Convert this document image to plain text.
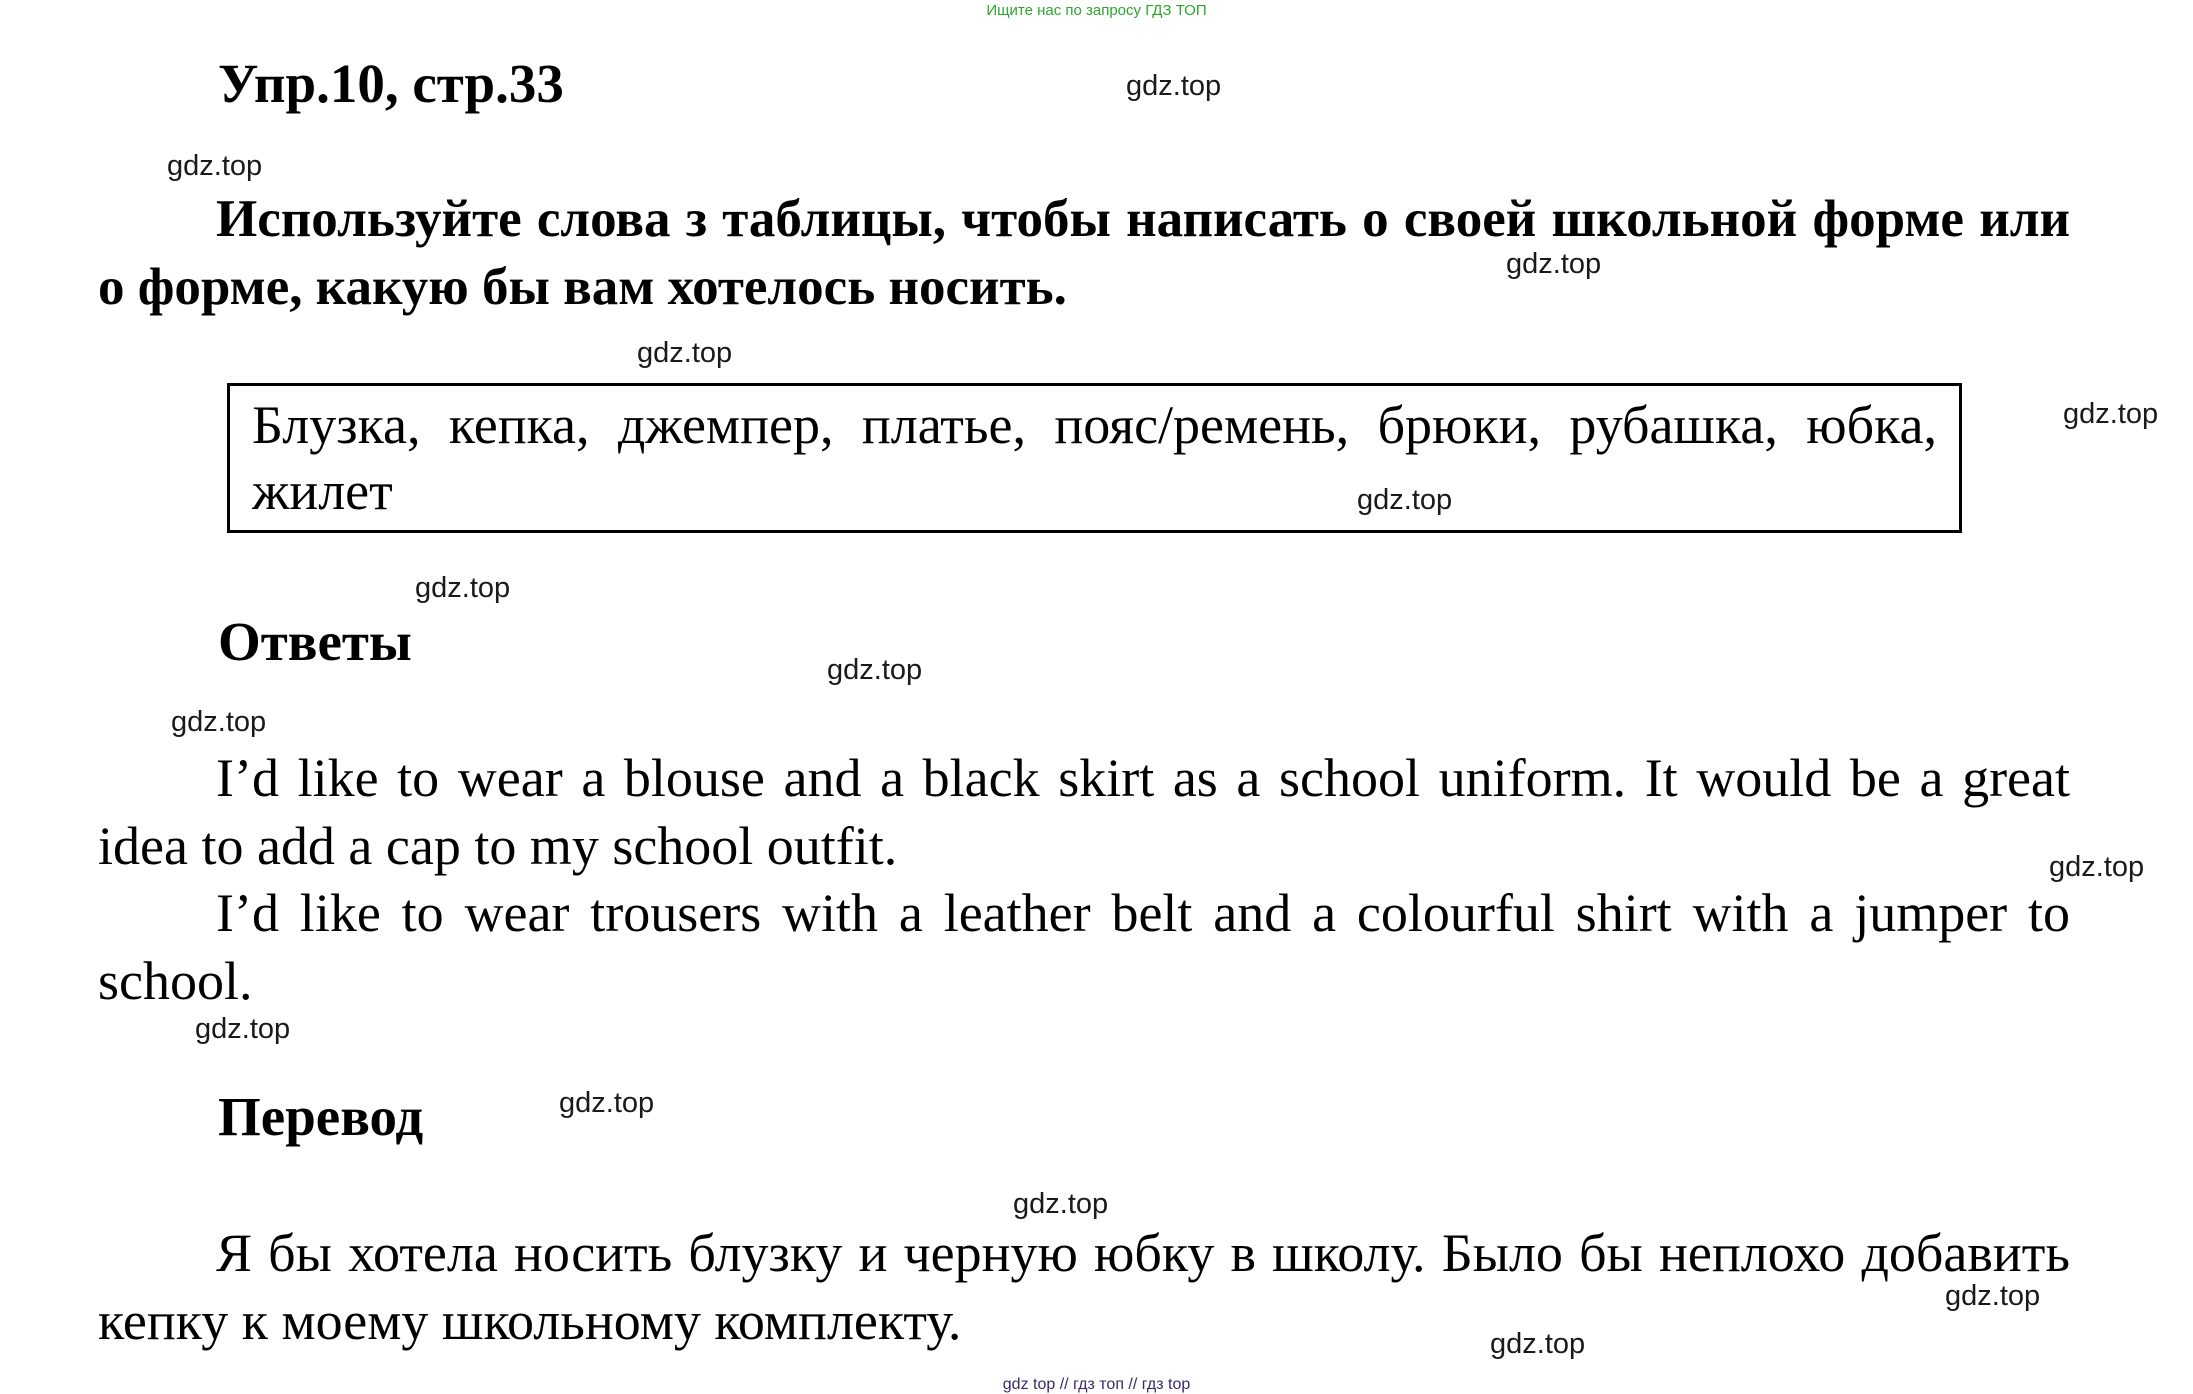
Ищите нас по запросу ГДЗ ТОП
Упр.10, стр.33
Используйте слова з таблицы, чтобы написать о своей школьной форме или о форме, какую бы вам хотелось носить.
Блузка, кепка, джемпер, платье, пояс/ремень, брюки, рубашка, юбка, жилет
Ответы
I’d like to wear a blouse and a black skirt as a school uniform. It would be a great idea to add a cap to my school outfit.
I’d like to wear trousers with a leather belt and a colourful shirt with a jumper to school.
Перевод
Я бы хотела носить блузку и черную юбку в школу. Было бы неплохо добавить кепку к моему школьному комплекту.
gdz.top
gdz.top
gdz.top
gdz.top
gdz.top
gdz.top
gdz.top
gdz.top
gdz.top
gdz.top
gdz.top
gdz.top
gdz.top
gdz.top
gdz.top
gdz top // гдз топ // гдз top
